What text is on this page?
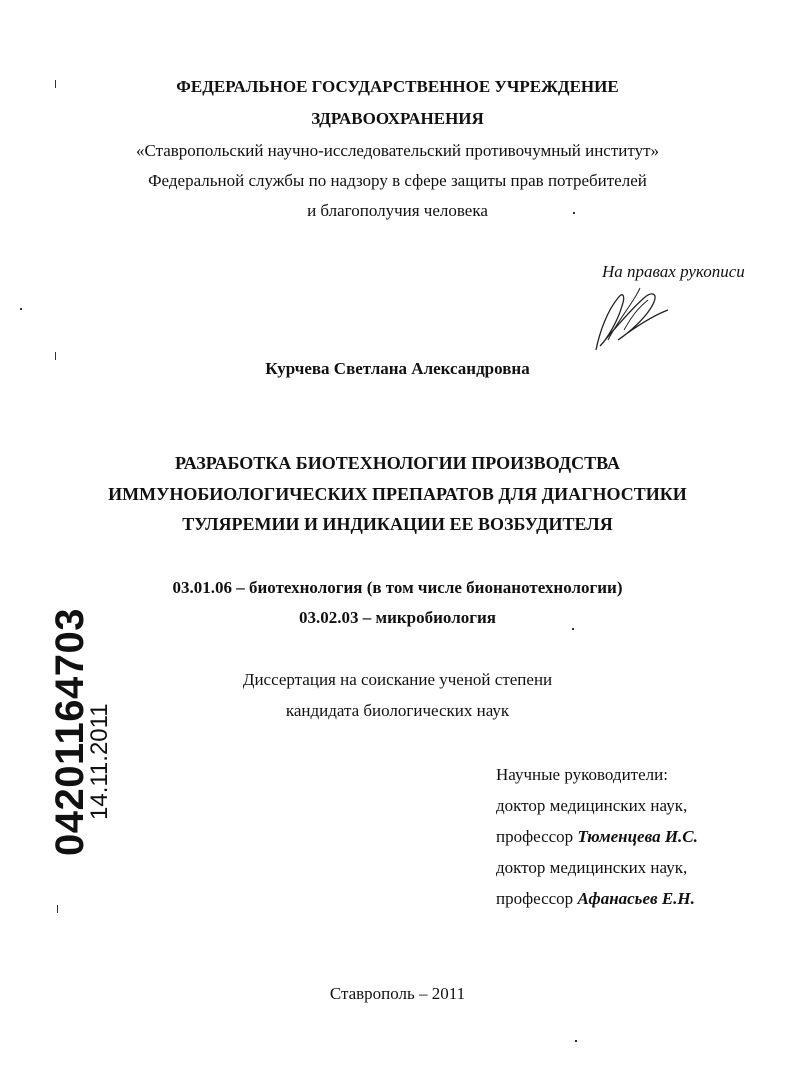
ФЕДЕРАЛЬНОЕ ГОСУДАРСТВЕННОЕ УЧРЕЖДЕНИЕ
ЗДРАВООХРАНЕНИЯ
«Ставропольский научно-исследовательский противочумный институт»
Федеральной службы по надзору в сфере защиты прав потребителей
и благополучия человека
На правах рукописи
Курчева Светлана Александровна
РАЗРАБОТКА БИОТЕХНОЛОГИИ ПРОИЗВОДСТВА
ИММУНОБИОЛОГИЧЕСКИХ ПРЕПАРАТОВ ДЛЯ ДИАГНОСТИКИ
ТУЛЯРЕМИИ И ИНДИКАЦИИ ЕЕ ВОЗБУДИТЕЛЯ
03.01.06 – биотехнология (в том числе бионанотехнологии)
03.02.03 – микробиология
Диссертация на соискание ученой степени
кандидата биологических наук
Научные руководители:
доктор медицинских наук,
профессор Тюменцева И.С.
доктор медицинских наук,
профессор Афанасьев Е.Н.
Ставрополь – 2011
04201164703
14.11.2011
